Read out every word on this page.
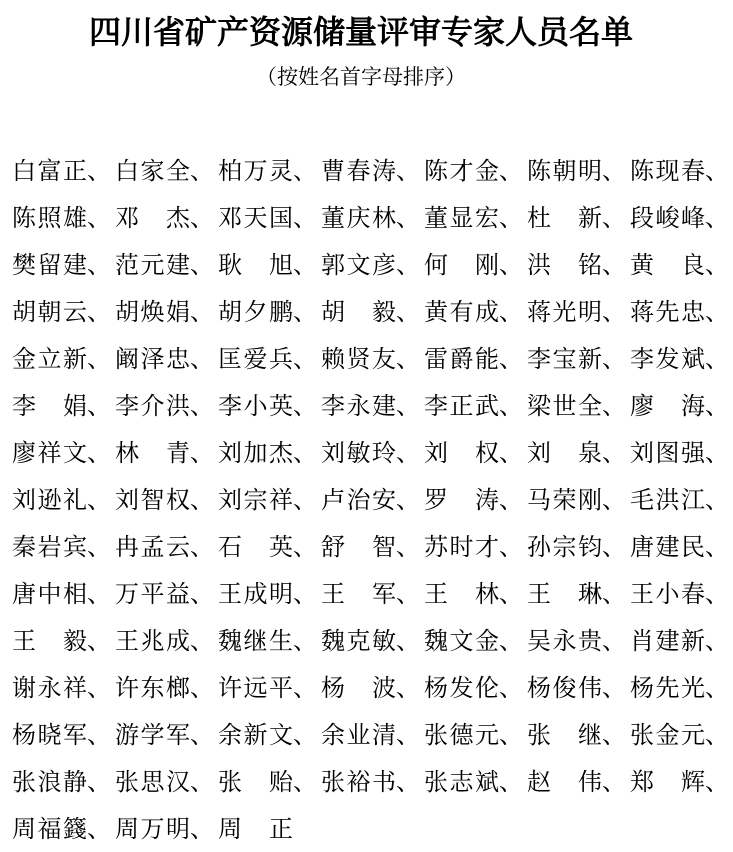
四川省矿产资源储量评审专家人员名单
（按姓名首字母排序）
白 富 正 、 白 家 全 、 柏 万 灵 、 曹 春 涛 、 陈 才 金 、 陈 朝 明 、 陈 现 春 、
陈 照 雄 、 邓
　 杰 、 邓 天 国 、 董 庆 林 、 董 显 宏 、 杜
　 新 、 段 峻 峰 、
樊 留 建 、 范 元 建 、 耿
　 旭 、 郭 文 彦 、 何
　 刚 、 洪
　 铭 、 黄
　 良 、
胡 朝 云 、 胡 焕 娟 、 胡 夕 鹏 、 胡
　 毅 、 黄 有 成 、 蒋 光 明 、 蒋 先 忠 、
金 立 新 、 阚 泽 忠 、 匡 爱 兵 、 赖 贤 友 、 雷 爵 能 、 李 宝 新 、 李 发 斌 、
李
　 娟 、 李 介 洪 、 李 小 英 、 李 永 建 、 李 正 武 、 梁 世 全 、 廖
　 海 、
廖 祥 文 、 林
　 青 、 刘 加 杰 、 刘 敏 玲 、 刘
　 权 、 刘
　 泉 、 刘 图 强 、
刘 逊 礼 、 刘 智 权 、 刘 宗 祥 、 卢 治 安 、 罗
　 涛 、 马 荣 刚 、 毛 洪 江 、
秦 岩 宾 、 冉 孟 云 、 石
　 英 、 舒
　 智 、 苏 时 才 、 孙 宗 钧 、 唐 建 民 、
唐 中 相 、 万 平 益 、 王 成 明 、 王
　 军 、 王
　 林 、 王
　 琳 、 王 小 春 、
王
　 毅 、 王 兆 成 、 魏 继 生 、 魏 克 敏 、 魏 文 金 、 吴 永 贵 、 肖 建 新 、
谢 永 祥 、 许 东 榔 、 许 远 平 、 杨
　 波 、 杨 发 伦 、 杨 俊 伟 、 杨 先 光 、
杨 晓 军 、 游 学 军 、 余 新 文 、 余 业 清 、 张 德 元 、 张
　 继 、 张 金 元 、
张 浪 静 、 张 思 汉 、 张
　 贻 、 张 裕 书 、 张 志 斌 、 赵
　 伟 、 郑
　 辉 、
周 福 籛 、 周 万 明 、 周
　 正
